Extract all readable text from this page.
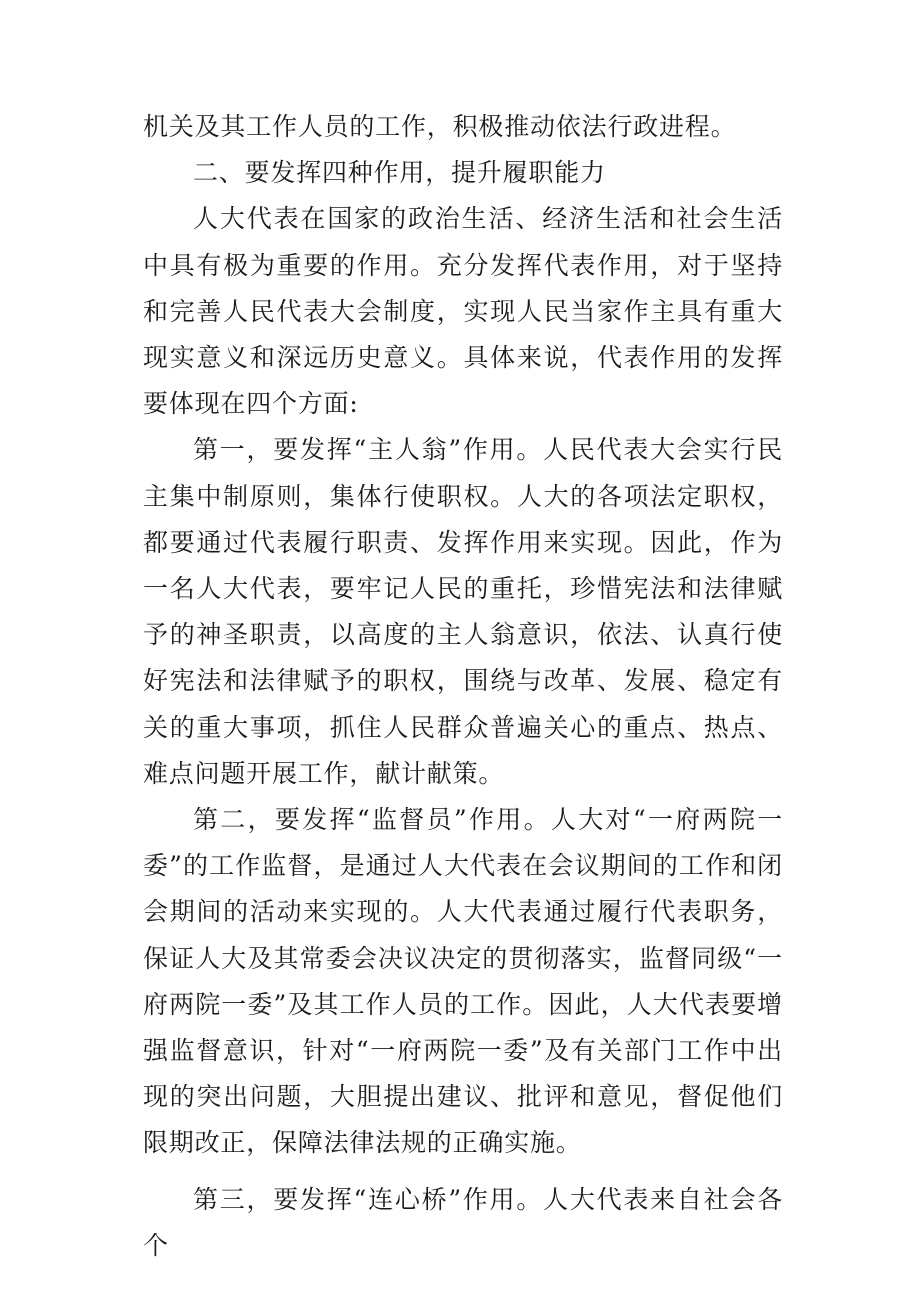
机关及其工作人员的工作，积极推动依法行政进程。

二、要发挥四种作用，提升履职能力

人大代表在国家的政治生活、经济生活和社会生活中具有极为重要的作用。充分发挥代表作用，对于坚持和完善人民代表大会制度，实现人民当家作主具有重大现实意义和深远历史意义。具体来说，代表作用的发挥要体现在四个方面:

第一，要发挥“主人翁”作用。人民代表大会实行民主集中制原则，集体行使职权。人大的各项法定职权，都要通过代表履行职责、发挥作用来实现。因此，作为一名人大代表，要牢记人民的重托，珍惜宪法和法律赋予的神圣职责，以高度的主人翁意识，依法、认真行使好宪法和法律赋予的职权，围绕与改革、发展、稳定有关的重大事项，抓住人民群众普遍关心的重点、热点、难点问题开展工作，献计献策。

第二，要发挥“监督员”作用。人大对“一府两院一委”的工作监督，是通过人大代表在会议期间的工作和闭会期间的活动来实现的。人大代表通过履行代表职务，保证人大及其常委会决议决定的贯彻落实，监督同级“一府两院一委”及其工作人员的工作。因此，人大代表要增强监督意识，针对“一府两院一委”及有关部门工作中出现的突出问题，大胆提出建议、批评和意见，督促他们限期改正，保障法律法规的正确实施。

第三，要发挥“连心桥”作用。人大代表来自社会各个
